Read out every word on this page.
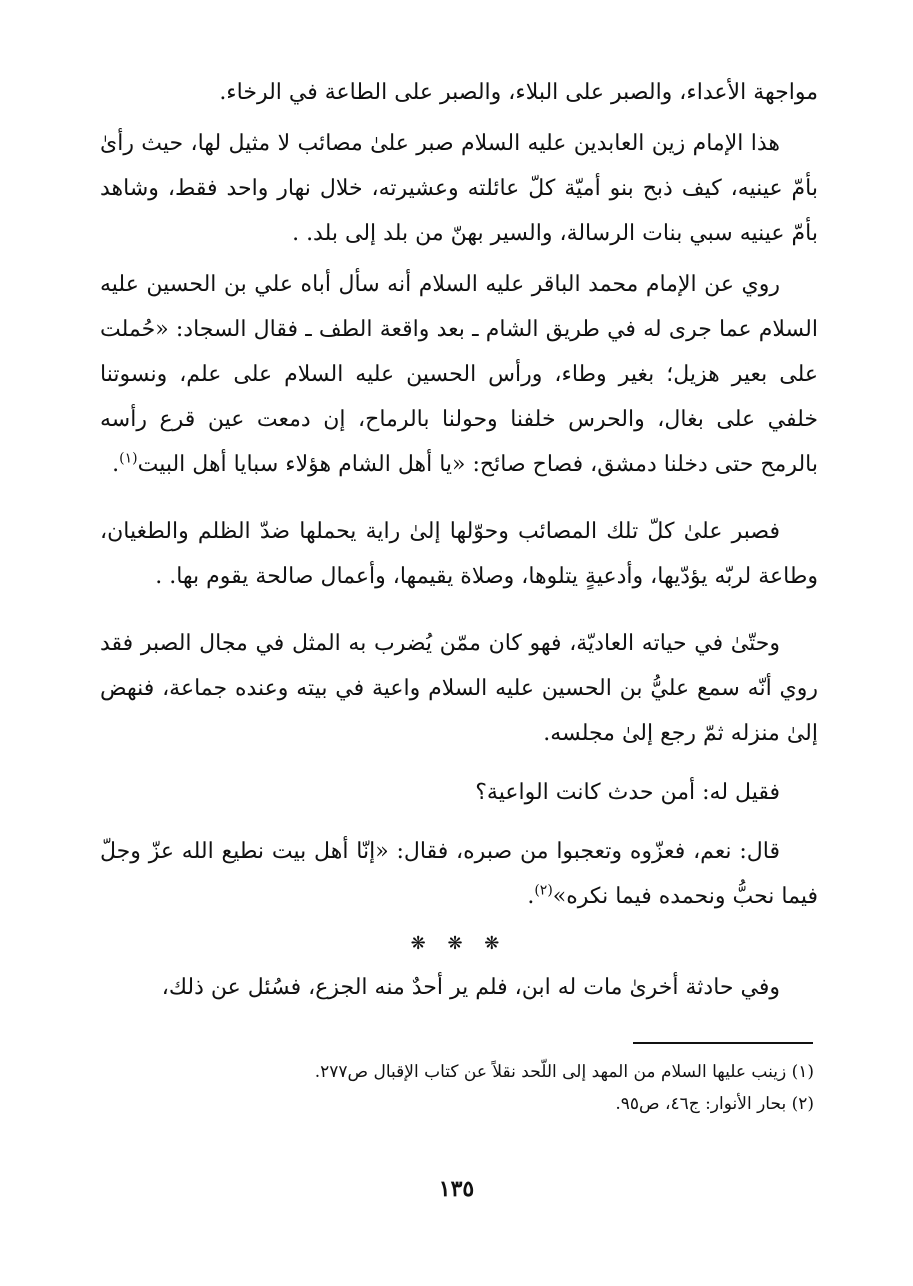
مواجهة الأعداء، والصبر على البلاء، والصبر على الطاعة في الرخاء.

هذا الإمام زين العابدين عليه السلام صبر علىٰ مصائب لا مثيل لها، حيث رأىٰ بأمّ عينيه، كيف ذبح بنو أميّة كلّ عائلته وعشيرته، خلال نهار واحد فقط، وشاهد بأمّ عينيه سبي بنات الرسالة، والسير بهنّ من بلد إلى بلد. .

روي عن الإمام محمد الباقر عليه السلام أنه سأل أباه علي بن الحسين عليه السلام عما جرى له في طريق الشام ـ بعد واقعة الطف ـ فقال السجاد: «حُملت على بعير هزيل؛ بغير وطاء، ورأس الحسين عليه السلام على علم، ونسوتنا خلفي على بغال، والحرس خلفنا وحولنا بالرماح، إن دمعت عين قرع رأسه بالرمح حتى دخلنا دمشق، فصاح صائح: «يا أهل الشام هؤلاء سبايا أهل البيت$^{(١)}$.

فصبر علىٰ كلّ تلك المصائب وحوّلها إلىٰ راية يحملها ضدّ الظلم والطغيان، وطاعة لربّه يؤدّيها، وأدعيةٍ يتلوها، وصلاة يقيمها، وأعمال صالحة يقوم بها. .

وحتّىٰ في حياته العاديّة، فهو كان ممّن يُضرب به المثل في مجال الصبر فقد روي أنّه سمع عليُّ بن الحسين عليه السلام واعية في بيته وعنده جماعة، فنهض إلىٰ منزله ثمّ رجع إلىٰ مجلسه.

فقيل له: أمن حدث كانت الواعية؟

قال: نعم، فعزّوه وتعجبوا من صبره، فقال: «إنّا أهل بيت نطيع الله عزّ وجلّ فيما نحبُّ ونحمده فيما نكره»$^{(٢)}$.

❋ ❋ ❋

وفي حادثة أخرىٰ مات له ابن، فلم ير أحدٌ منه الجزع، فسُئل عن ذلك،

(١) زينب عليها السلام من المهد إلى اللّحد نقلاً عن كتاب الإقبال ص٢٧٧.
(٢) بحار الأنوار: ج٤٦، ص٩٥.
١٣٥
